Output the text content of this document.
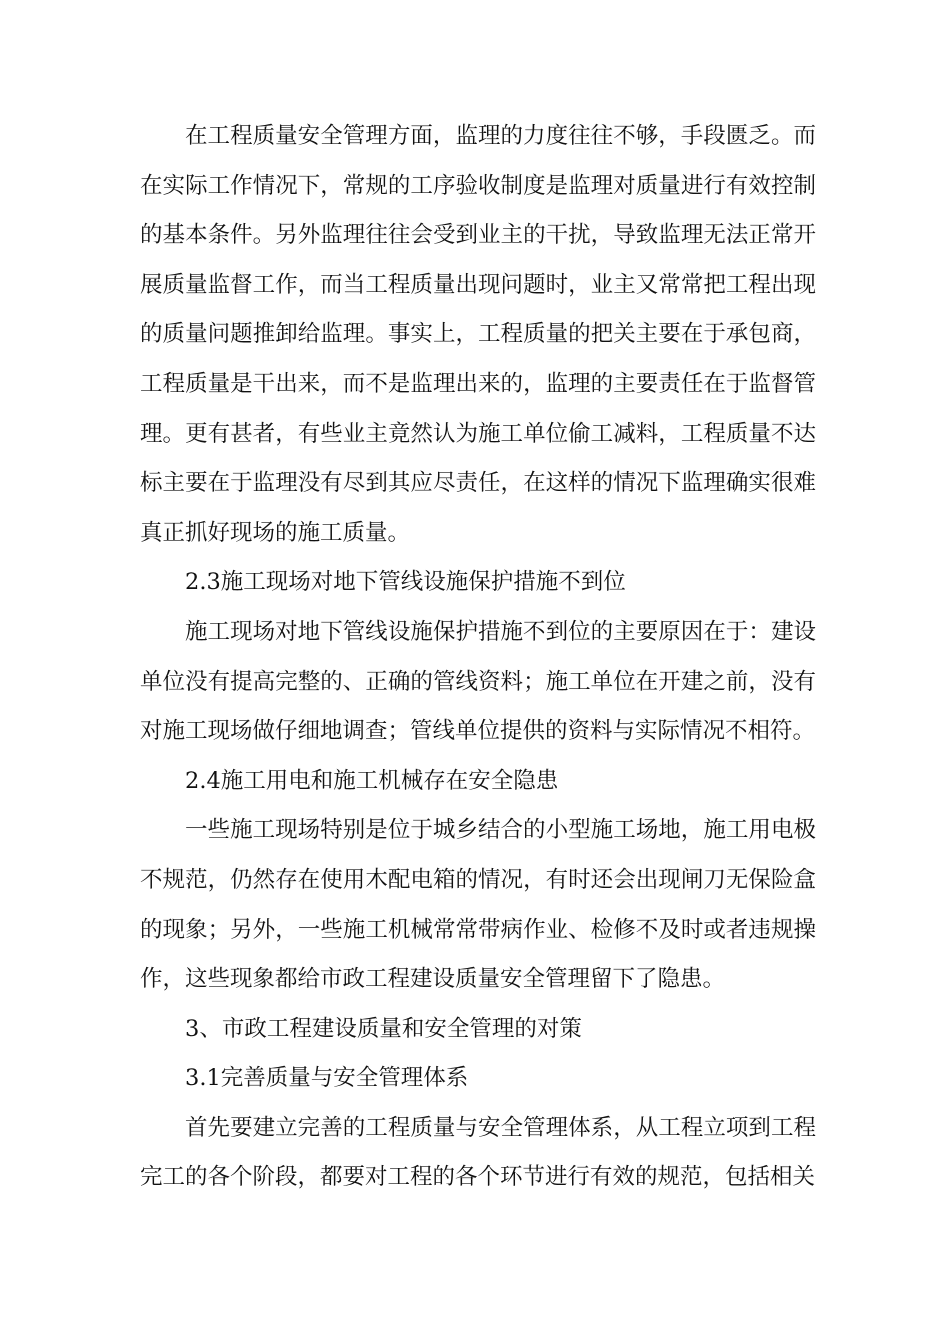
在工程质量安全管理方面，监理的力度往往不够，手段匮乏。而在实际工作情况下，常规的工序验收制度是监理对质量进行有效控制的基本条件。另外监理往往会受到业主的干扰，导致监理无法正常开展质量监督工作，而当工程质量出现问题时，业主又常常把工程出现的质量问题推卸给监理。事实上，工程质量的把关主要在于承包商，工程质量是干出来，而不是监理出来的，监理的主要责任在于监督管理。更有甚者，有些业主竟然认为施工单位偷工减料，工程质量不达标主要在于监理没有尽到其应尽责任，在这样的情况下监理确实很难真正抓好现场的施工质量。

2.3施工现场对地下管线设施保护措施不到位

施工现场对地下管线设施保护措施不到位的主要原因在于：建设单位没有提高完整的、正确的管线资料；施工单位在开建之前，没有对施工现场做仔细地调查；管线单位提供的资料与实际情况不相符。

2.4施工用电和施工机械存在安全隐患

一些施工现场特别是位于城乡结合的小型施工场地，施工用电极不规范，仍然存在使用木配电箱的情况，有时还会出现闸刀无保险盒的现象；另外，一些施工机械常常带病作业、检修不及时或者违规操作，这些现象都给市政工程建设质量安全管理留下了隐患。

3、市政工程建设质量和安全管理的对策

3.1完善质量与安全管理体系

首先要建立完善的工程质量与安全管理体系，从工程立项到工程完工的各个阶段，都要对工程的各个环节进行有效的规范，包括相关
